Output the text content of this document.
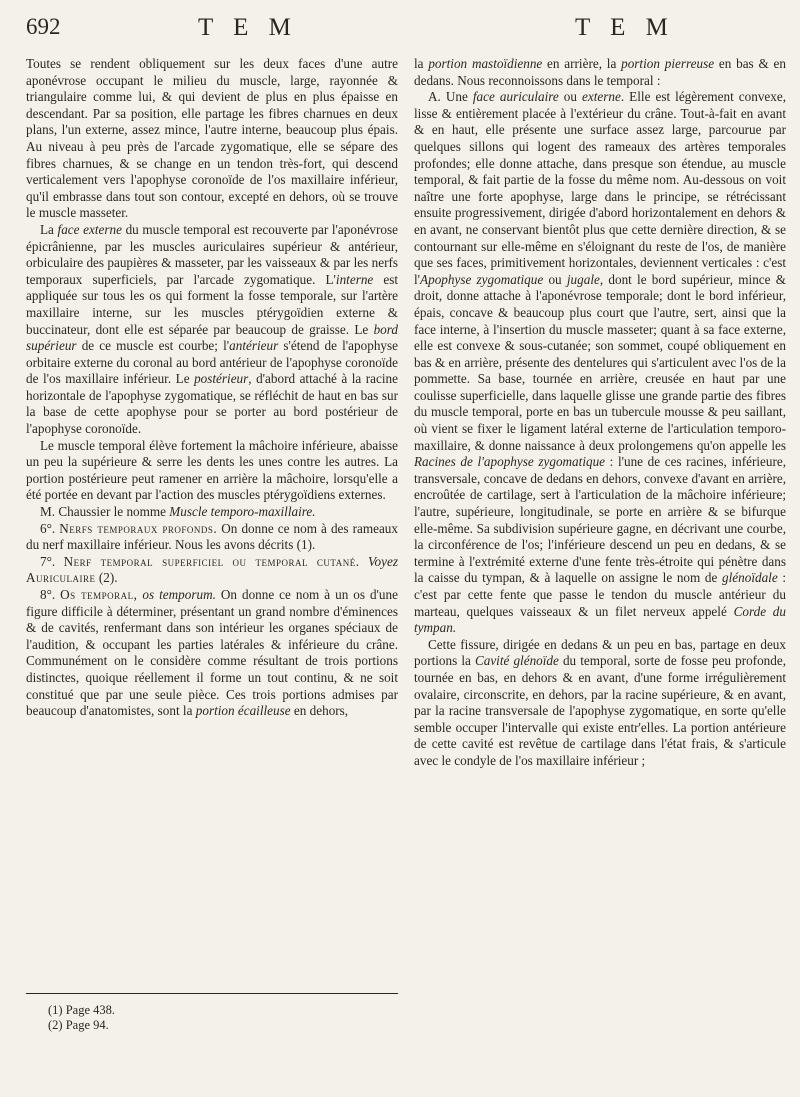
692	T E M	T E M

Toutes se rendent obliquement sur les deux faces d'une autre aponévrose occupant le milieu du muscle, large, rayonnée & triangulaire comme lui, & qui devient de plus en plus épaisse en descendant. Par sa position, elle partage les fibres charnues en deux plans, l'un externe, assez mince, l'autre interne, beaucoup plus épais. Au niveau à peu près de l'arcade zygomatique, elle se sépare des fibres charnues, & se change en un tendon très-fort, qui descend verticalement vers l'apophyse coronoïde de l'os maxillaire inférieur, qu'il embrasse dans tout son contour, excepté en dehors, où se trouve le muscle masseter.

La face externe du muscle temporal est recouverte par l'aponévrose épicrânienne, par les muscles auriculaires supérieur & antérieur, orbiculaire des paupières & masseter, par les vaisseaux & par les nerfs temporaux superficiels, par l'arcade zygomatique. L'interne est appliquée sur tous les os qui forment la fosse temporale, sur l'artère maxillaire interne, sur les muscles ptérygoïdien externe & buccinateur, dont elle est séparée par beaucoup de graisse. Le bord supérieur de ce muscle est courbe; l'antérieur s'étend de l'apophyse orbitaire externe du coronal au bord antérieur de l'apophyse coronoïde de l'os maxillaire inférieur. Le postérieur, d'abord attaché à la racine horizontale de l'apophyse zygomatique, se réfléchit de haut en bas sur la base de cette apophyse pour se porter au bord postérieur de l'apophyse coronoïde.

Le muscle temporal élève fortement la mâchoire inférieure, abaisse un peu la supérieure & serre les dents les unes contre les autres. La portion postérieure peut ramener en arrière la mâchoire, lorsqu'elle a été portée en devant par l'action des muscles ptérygoïdiens externes.

M. Chaussier le nomme Muscle temporo-maxillaire.

6°. Nerfs temporaux profonds. On donne ce nom à des rameaux du nerf maxillaire inférieur. Nous les avons décrits (1).

7°. Nerf temporal superficiel ou temporal cutané. Voyez Auriculaire (2).

8°. Os temporal, os temporum. On donne ce nom à un os d'une figure difficile à déterminer, présentant un grand nombre d'éminences & de cavités, renfermant dans son intérieur les organes spéciaux de l'audition, & occupant les parties latérales & inférieure du crâne. Communément on le considère comme résultant de trois portions distinctes, quoique réellement il forme un tout continu, & ne soit constitué que par une seule pièce. Ces trois portions admises par beaucoup d'anatomistes, sont la portion écailleuse en dehors,

(1) Page 438.
(2) Page 94.

la portion mastoïdienne en arrière, la portion pierreuse en bas & en dedans. Nous reconnoissons dans le temporal :

A. Une face auriculaire ou externe. Elle est légèrement convexe, lisse & entièrement placée à l'extérieur du crâne. Tout-à-fait en avant & en haut, elle présente une surface assez large, parcourue par quelques sillons qui logent des rameaux des artères temporales profondes; elle donne attache, dans presque son étendue, au muscle temporal, & fait partie de la fosse du même nom. Au-dessous on voit naître une forte apophyse, large dans le principe, se rétrécissant ensuite progressivement, dirigée d'abord horizontalement en dehors & en avant, ne conservant bientôt plus que cette dernière direction, & se contournant sur elle-même en s'éloignant du reste de l'os, de manière que ses faces, primitivement horizontales, deviennent verticales : c'est l'Apophyse zygomatique ou jugale, dont le bord supérieur, mince & droit, donne attache à l'aponévrose temporale; dont le bord inférieur, épais, concave & beaucoup plus court que l'autre, sert, ainsi que la face interne, à l'insertion du muscle masseter; quant à sa face externe, elle est convexe & sous-cutanée; son sommet, coupé obliquement en bas & en arrière, présente des dentelures qui s'articulent avec l'os de la pommette. Sa base, tournée en arrière, creusée en haut par une coulisse superficielle, dans laquelle glisse une grande partie des fibres du muscle temporal, porte en bas un tubercule mousse & peu saillant, où vient se fixer le ligament latéral externe de l'articulation temporo-maxillaire, & donne naissance à deux prolongemens qu'on appelle les Racines de l'apophyse zygomatique : l'une de ces racines, inférieure, transversale, concave de dedans en dehors, convexe d'avant en arrière, encroûtée de cartilage, sert à l'articulation de la mâchoire inférieure; l'autre, supérieure, longitudinale, se porte en arrière & se bifurque elle-même. Sa subdivision supérieure gagne, en décrivant une courbe, la circonférence de l'os; l'inférieure descend un peu en dedans, & se termine à l'extrémité externe d'une fente très-étroite qui pénètre dans la caisse du tympan, & à laquelle on assigne le nom de glénoïdale : c'est par cette fente que passe le tendon du muscle antérieur du marteau, quelques vaisseaux & un filet nerveux appelé Corde du tympan.

Cette fissure, dirigée en dedans & un peu en bas, partage en deux portions la Cavité glénoïde du temporal, sorte de fosse peu profonde, tournée en bas, en dehors & en avant, d'une forme irrégulièrement ovalaire, circonscrite, en dehors, par la racine supérieure, & en avant, par la racine transversale de l'apophyse zygomatique, en sorte qu'elle semble occuper l'intervalle qui existe entr'elles. La portion antérieure de cette cavité est revêtue de cartilage dans l'état frais, & s'articule avec le condyle de l'os maxillaire inférieur ;
